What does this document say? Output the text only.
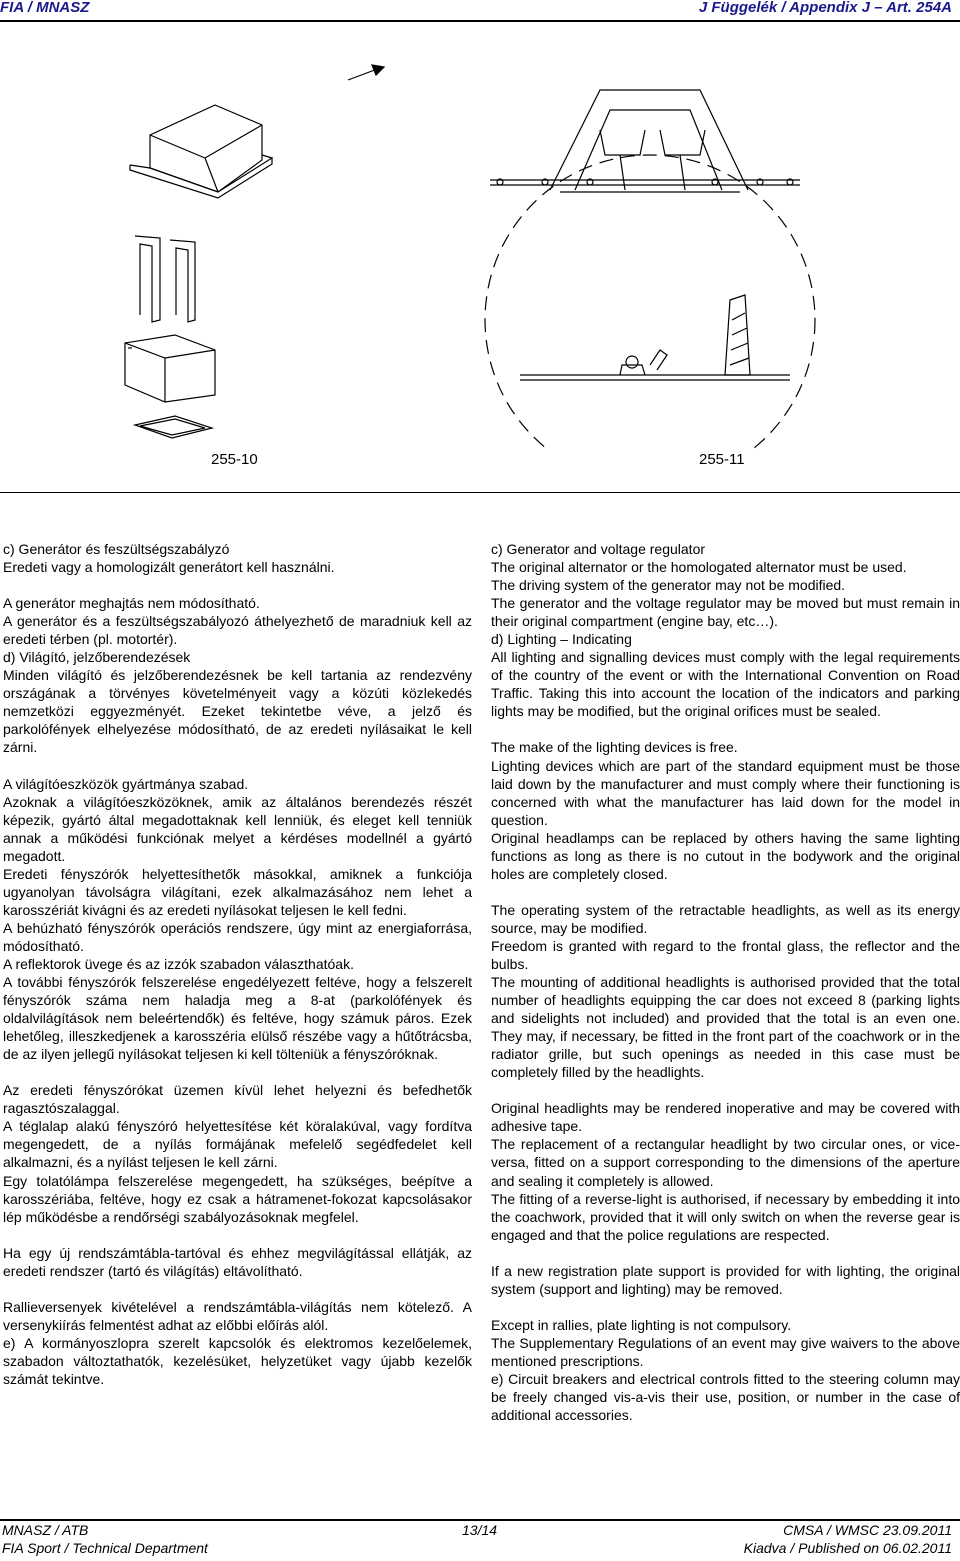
FIA / MNASZ	J Függelék / Appendix J – Art. 254A
255-10	255-11

c) Generátor és feszültségszabályzó

Eredeti vagy a homologizált generátort kell használni.

A generátor meghajtás nem módosítható.

A generátor és a feszültségszabályozó áthelyezhető de maradniuk kell az eredeti térben (pl. motortér).

d) Világító, jelzőberendezések

Minden világító és jelzőberendezésnek be kell tartania az rendezvény országának a törvényes követelményeit vagy a közúti közlekedés nemzetközi eggyezményét. Ezeket tekintetbe véve, a jelző és parkolófények elhelyezése módosítható, de az eredeti nyílásaikat le kell zárni.

A világítóeszközök gyártmánya szabad.

Azoknak a világítóeszközöknek, amik az általános berendezés részét képezik, gyártó által megadottaknak kell lenniük, és eleget kell tenniük annak a működési funkciónak melyet a kérdéses modellnél a gyártó megadott.

Eredeti fényszórók helyettesíthetők másokkal, amiknek a funkciója ugyanolyan távolságra világítani, ezek alkalmazásához nem lehet a karosszériát kivágni és az eredeti nyílásokat teljesen le kell fedni.

A behúzható fényszórók operációs rendszere, úgy mint az energiaforrása, módosítható.

A reflektorok üvege és az izzók szabadon választhatóak.

A további fényszórók felszerelése engedélyezett feltéve, hogy a felszerelt fényszórók száma nem haladja meg a 8-at (parkolófények és oldalvilágítások nem beleértendők) és feltéve, hogy számuk páros. Ezek lehetőleg, illeszkedjenek a karosszéria elülső részébe vagy a hűtőtrácsba, de az ilyen jellegű nyílásokat teljesen ki kell tölteniük a fényszóróknak.

Az eredeti fényszórókat üzemen kívül lehet helyezni és befedhetők ragasztószalaggal.

A téglalap alakú fényszóró helyettesítése két köralakúval, vagy fordítva megengedett, de a nyílás formájának mefelelő segédfedelet kell alkalmazni, és a nyílást teljesen le kell zárni.

Egy tolatólámpa felszerelése megengedett, ha szükséges, beépítve a karosszériába, feltéve, hogy ez csak a hátramenet-fokozat kapcsolásakor lép működésbe a rendőrségi szabályozásoknak megfelel.

Ha egy új rendszámtábla-tartóval és ehhez megvilágítással ellátják, az eredeti rendszer (tartó és világítás) eltávolítható.

Rallieversenyek kivételével a rendszámtábla-világítás nem kötelező. A versenykiírás felmentést adhat az előbbi előírás alól.

e) A kormányoszlopra szerelt kapcsolók és elektromos kezelőelemek, szabadon változtathatók, kezelésüket, helyzetüket vagy újabb kezelők számát tekintve.

c) Generator and voltage regulator

The original alternator or the homologated alternator must be used.

The driving system of the generator may not be modified.

The generator and the voltage regulator may be moved but must remain in their original compartment (engine bay, etc…).

d) Lighting – Indicating

All lighting and signalling devices must comply with the legal requirements of the country of the event or with the International Convention on Road Traffic. Taking this into account the location of the indicators and parking lights may be modified, but the original orifices must be sealed.

The make of the lighting devices is free.

Lighting devices which are part of the standard equipment must be those laid down by the manufacturer and must comply where their functioning is concerned with what the manufacturer has laid down for the model in question.

Original headlamps can be replaced by others having the same lighting functions as long as there is no cutout in the bodywork and the original holes are completely closed.

The operating system of the retractable headlights, as well as its energy source, may be modified.

Freedom is granted with regard to the frontal glass, the reflector and the bulbs.

The mounting of additional headlights is authorised provided that the total number of headlights equipping the car does not exceed 8 (parking lights and sidelights not included) and provided that the total is an even one. They may, if necessary, be fitted in the front part of the coachwork or in the radiator grille, but such openings as needed in this case must be completely filled by the headlights.

Original headlights may be rendered inoperative and may be covered with adhesive tape.

The replacement of a rectangular headlight by two circular ones, or vice-versa, fitted on a support corresponding to the dimensions of the aperture and sealing it completely is allowed.

The fitting of a reverse-light is authorised, if necessary by embedding it into the coachwork, provided that it will only switch on when the reverse gear is engaged and that the police regulations are respected.

If a new registration plate support is provided for with lighting, the original system (support and lighting) may be removed.

Except in rallies, plate lighting is not compulsory.

The Supplementary Regulations of an event may give waivers to the above mentioned prescriptions.

e) Circuit breakers and electrical controls fitted to the steering column may be freely changed vis-a-vis their use, position, or number in the case of additional accessories.

MNASZ / ATB
FIA Sport / Technical Department
13/14	CMSA / WMSC 23.09.2011
Kiadva / Published on 06.02.2011
